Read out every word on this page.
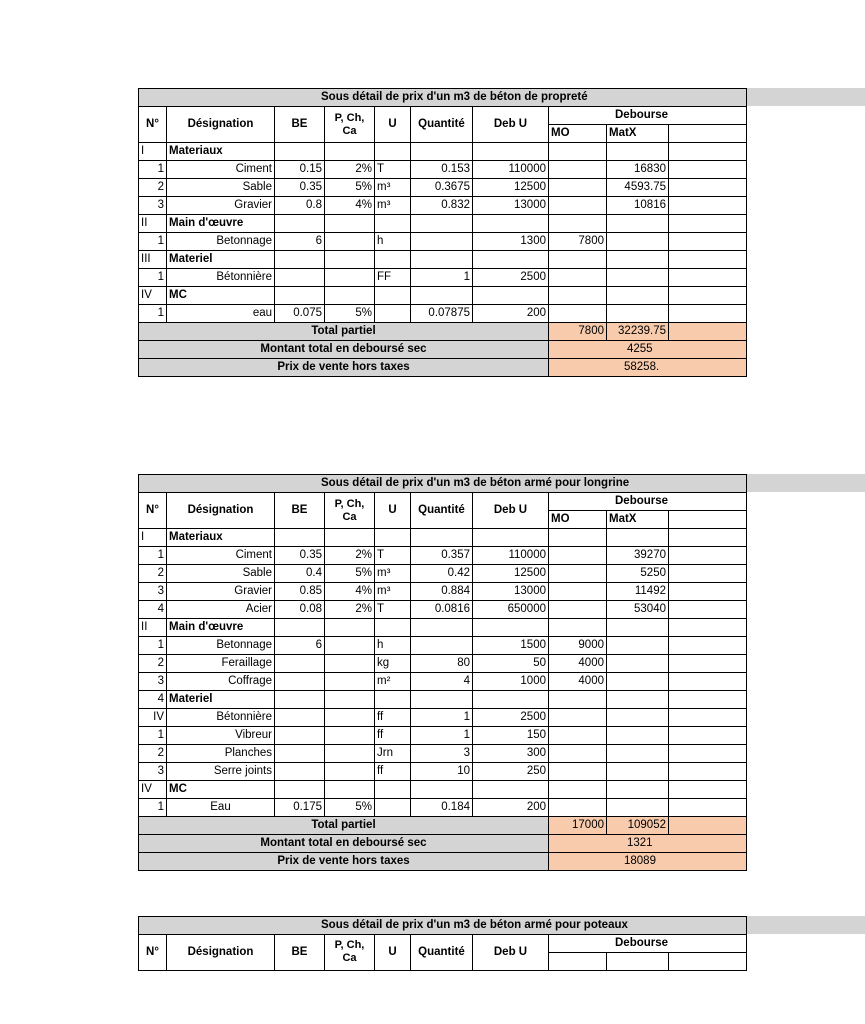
Sous détail de prix d'un m3 de béton de propreté									
N°	Désignation	BE	P, Ch, Ca	U	Quantité	Deb U	Debourse		
							MO	MatX	
I	Materiaux								
1	Ciment	0.15	2%	T	0.153	110000		16830	
2	Sable	0.35	5%	m³	0.3675	12500		4593.75	
3	Gravier	0.8	4%	m³	0.832	13000		10816	
II	Main d'œuvre								
1	Betonnage	6		h		1300	7800		
III	Materiel								
1	Bétonnière			FF	1	2500			
IV	MC								
1	eau	0.075	5%		0.07875	200			
Total partiel							7800	32239.75	
Montant total en deboursé sec							4255		
Prix de vente hors taxes							58258.		
Sous détail de prix d'un m3 de béton armé pour longrine									
N°	Désignation	BE	P, Ch, Ca	U	Quantité	Deb U	Debourse		
							MO	MatX	
I	Materiaux								
1	Ciment	0.35	2%	T	0.357	110000		39270	
2	Sable	0.4	5%	m³	0.42	12500		5250	
3	Gravier	0.85	4%	m³	0.884	13000		11492	
4	Acier	0.08	2%	T	0.0816	650000		53040	
II	Main d'œuvre								
1	Betonnage	6		h		1500	9000		
2	Feraillage			kg	80	50	4000		
3	Coffrage			m²	4	1000	4000		
4	Materiel								
IV	Bétonnière			ff	1	2500			
1	Vibreur			ff	1	150			
2	Planches			Jrn	3	300			
3	Serre joints			ff	10	250			
IV	MC								
1	Eau	0.175	5%		0.184	200			
Total partiel							17000	109052	
Montant total en deboursé sec							1321		
Prix de vente hors taxes							18089		
Sous détail de prix d'un m3 de béton armé pour poteaux									
N°	Désignation	BE	P, Ch, Ca	U	Quantité	Deb U	Debourse		
